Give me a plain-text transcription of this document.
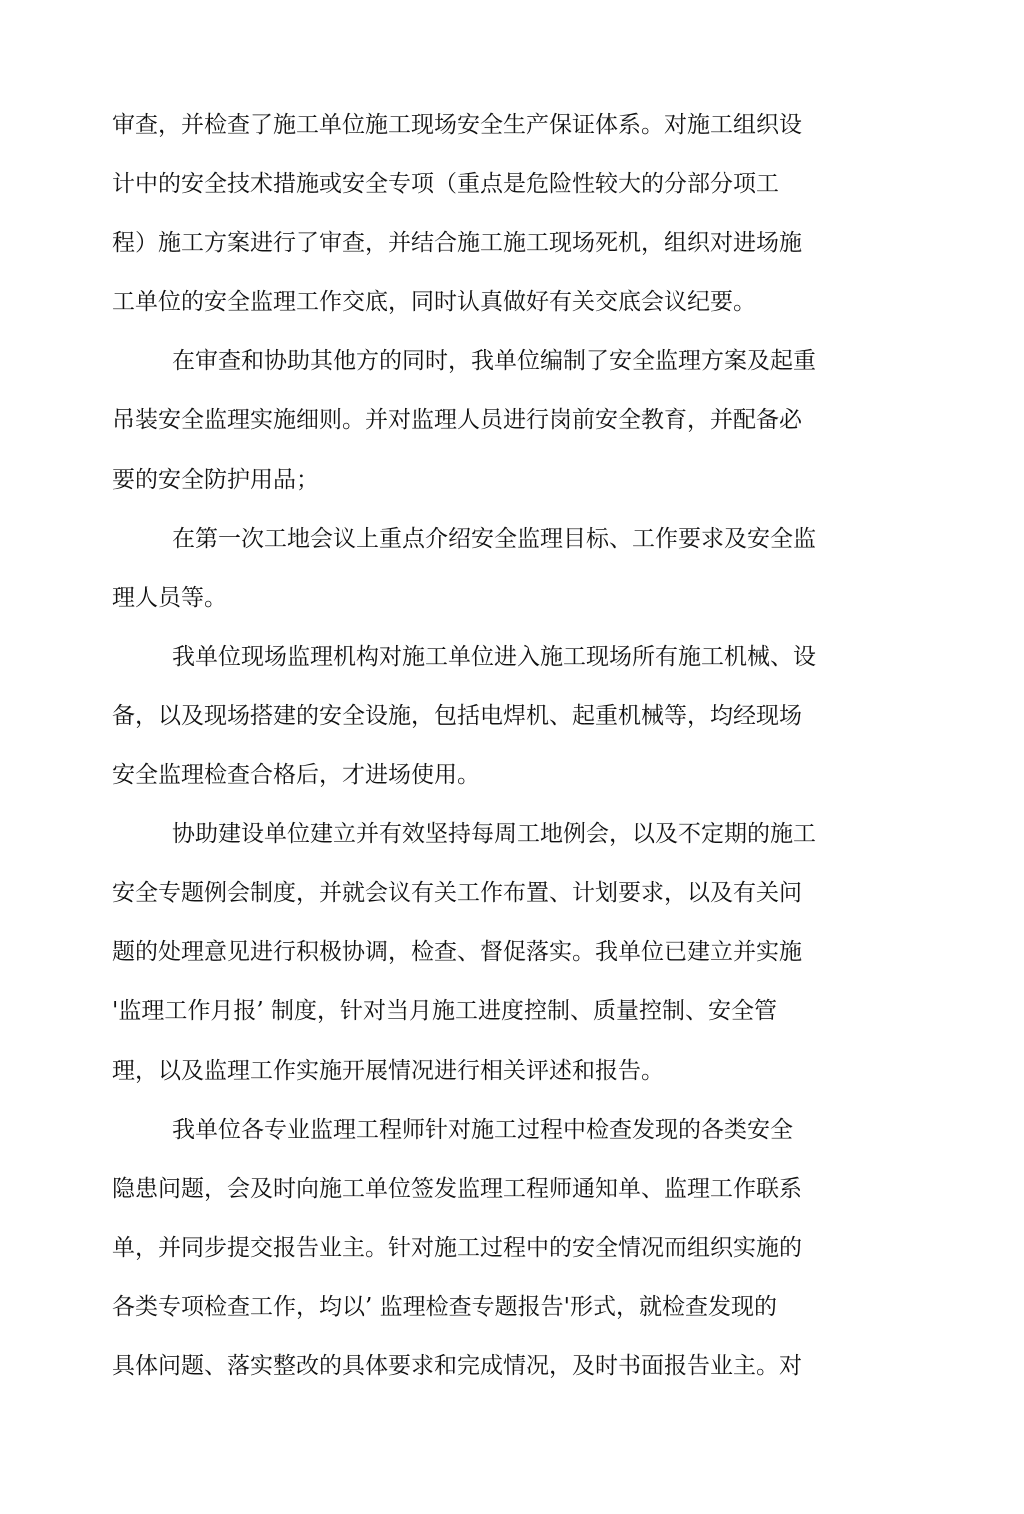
审查，并检查了施工单位施工现场安全生产保证体系。对施工组织设
计中的安全技术措施或安全专项（重点是危险性较大的分部分项工
程）施工方案进行了审查，并结合施工施工现场死机，组织对进场施
工单位的安全监理工作交底，同时认真做好有关交底会议纪要。
在审查和协助其他方的同时，我单位编制了安全监理方案及起重
吊装安全监理实施细则。并对监理人员进行岗前安全教育，并配备必
要的安全防护用品；
在第一次工地会议上重点介绍安全监理目标、工作要求及安全监
理人员等。
我单位现场监理机构对施工单位进入施工现场所有施工机械、设
备，以及现场搭建的安全设施，包括电焊机、起重机械等，均经现场
安全监理检查合格后，才进场使用。
协助建设单位建立并有效坚持每周工地例会，以及不定期的施工
安全专题例会制度，并就会议有关工作布置、计划要求，以及有关问
题的处理意见进行积极协调，检查、督促落实。我单位已建立并实施
'监理工作月报’ 制度，针对当月施工进度控制、质量控制、安全管
理，以及监理工作实施开展情况进行相关评述和报告。
我单位各专业监理工程师针对施工过程中检查发现的各类安全
隐患问题，会及时向施工单位签发监理工程师通知单、监理工作联系
单，并同步提交报告业主。针对施工过程中的安全情况而组织实施的
各类专项检查工作，均以’ 监理检查专题报告'形式，就检查发现的
具体问题、落实整改的具体要求和完成情况，及时书面报告业主。对
